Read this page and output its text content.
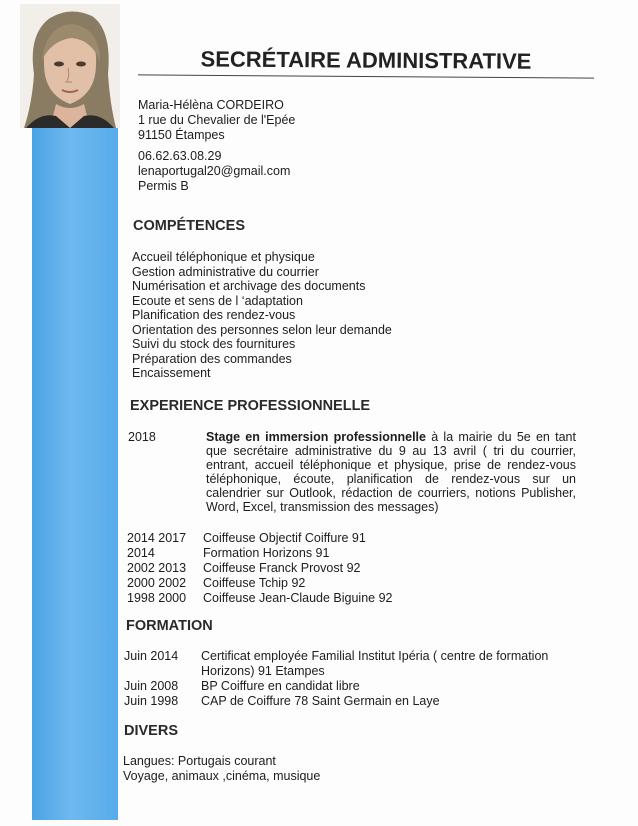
SECRÉTAIRE ADMINISTRATIVE
Maria-Hélèna CORDEIRO
1 rue du Chevalier de l'Epée
91150 Étampes
06.62.63.08.29
lenaportugal20@gmail.com
Permis B
COMPÉTENCES
Accueil téléphonique et physique
Gestion administrative du courrier
Numérisation et archivage des documents
Ecoute et sens de l ‘adaptation
Planification des rendez-vous
Orientation des personnes selon leur demande
Suivi du stock des fournitures
Préparation des commandes
Encaissement
EXPERIENCE PROFESSIONNELLE
2018	Stage en immersion professionnelle à la mairie du 5e en tant que secrétaire administrative du 9 au 13 avril ( tri du courrier, entrant, accueil téléphonique et physique, prise de rendez-vous téléphonique, écoute, planification de rendez-vous sur un calendrier sur Outlook, rédaction de courriers, notions Publisher, Word, Excel, transmission des messages)
2014 2017 Coiffeuse Objectif Coiffure 91
2014	Formation Horizons 91
2002 2013 Coiffeuse Franck Provost 92
2000 2002 Coiffeuse Tchip 92
1998 2000 Coiffeuse Jean-Claude Biguine 92
FORMATION
Juin 2014 Certificat employée Familial Institut Ipéria ( centre de formation Horizons) 91 Etampes
Juin 2008 BP Coiffure en candidat libre
Juin 1998 CAP de Coiffure 78 Saint Germain en Laye
DIVERS
Langues: Portugais courant
Voyage, animaux ,cinéma, musique
